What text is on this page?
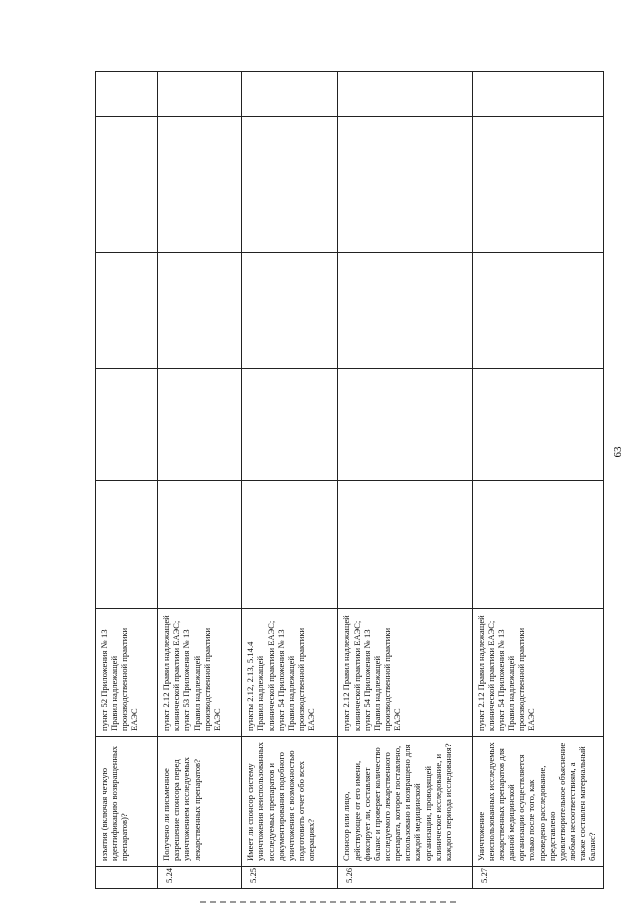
63
	изъятия (включая четкую идентификацию возвращенных препаратов)?	пункт 52 Приложения № 13 Правил надлежащей производственной практики ЕАЭС					
5.24	Получено ли письменное разрешение спонсора перед уничтожением исследуемых лекарственных препаратов?	пункт 2.12 Правил надлежащей клинической практики ЕАЭС; пункт 53 Приложения № 13 Правил надлежащей производственной практики ЕАЭС					
5.25	Имеет ли спонсор систему уничтожения неиспользованных исследуемых препаратов и документирования подобного уничтожения с возможностью подготовить отчет обо всех операциях?	пункты 2.12, 2.13, 5.14.4 Правил надлежащей клинической практики ЕАЭС; пункт 54 Приложения № 13 Правил надлежащей производственной практики ЕАЭС					
5.26	Спонсор или лицо, действующее от его имени, фиксирует ли, составляет баланс и проверяет количество исследуемого лекарственного препарата, которое поставлено, использовано и возвращено для каждой медицинской организации, проводящей клиническое исследование, и каждого периода исследования?	пункт 2.12 Правил надлежащей клинической практики ЕАЭС; пункт 54 Приложения № 13 Правил надлежащей производственной практики ЕАЭС					
5.27	Уничтожение неиспользованных исследуемых лекарственных препаратов для данной медицинской организации осуществляется только после того, как проведено расследование, представлено удовлетворительное объяснение любым несоответствиям, а также составлен материальный баланс?	пункт 2.12 Правил надлежащей клинической практики ЕАЭС; пункт 54 Приложения № 13 Правил надлежащей производственной практики ЕАЭС					
